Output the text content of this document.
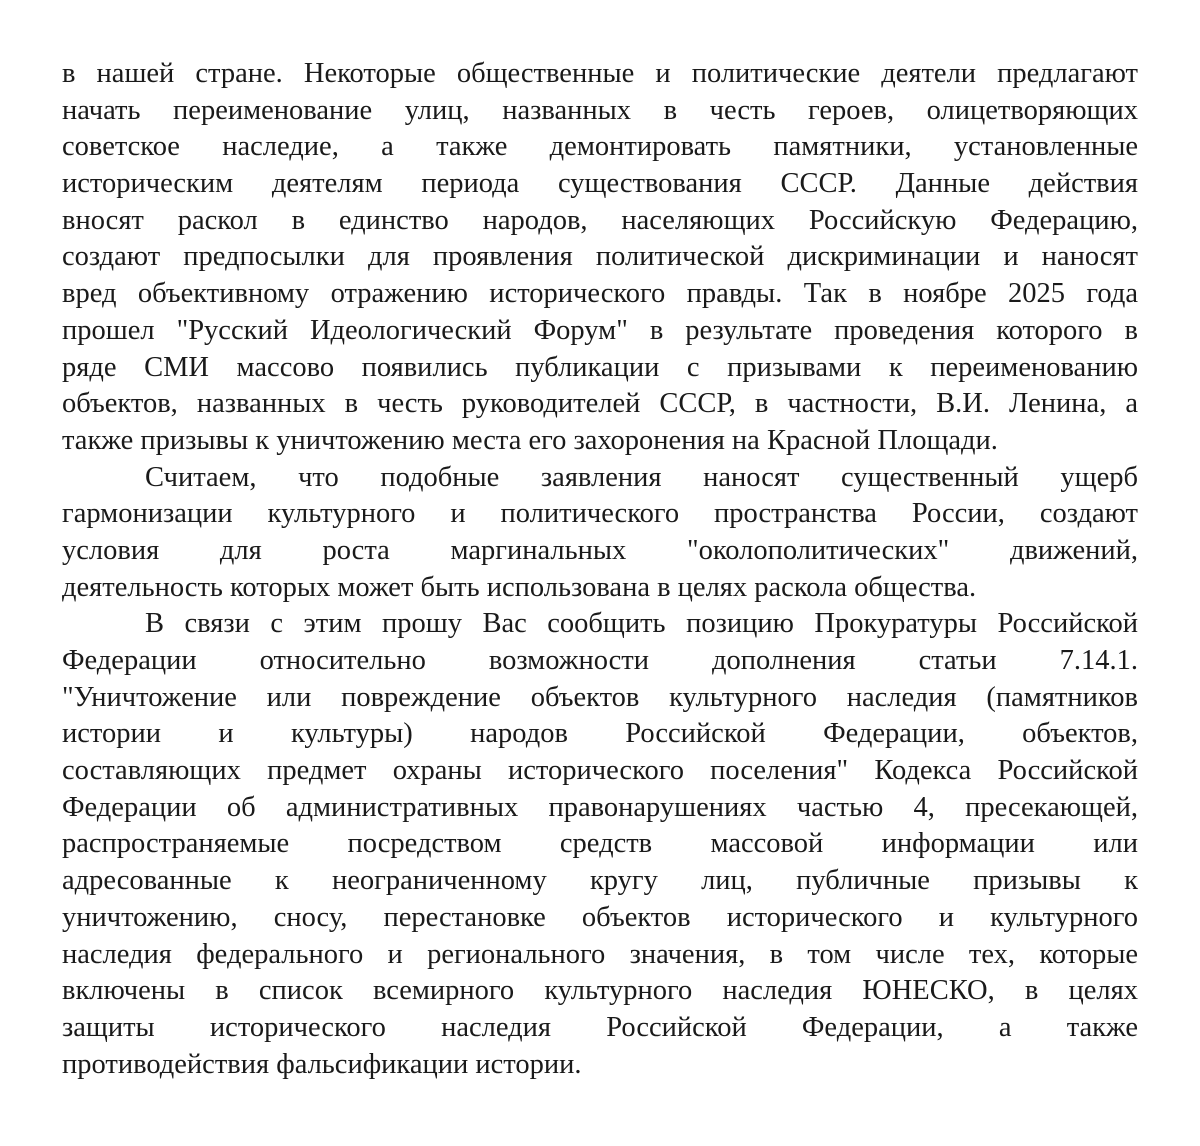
в нашей стране. Некоторые общественные и политические деятели предлагают
начать переименование улиц, названных в честь героев, олицетворяющих
советское наследие, а также демонтировать памятники, установленные
историческим деятелям периода существования СССР. Данные действия
вносят раскол в единство народов, населяющих Российскую Федерацию,
создают предпосылки для проявления политической дискриминации и наносят
вред объективному отражению исторического правды. Так в ноябре 2025 года
прошел "Русский Идеологический Форум" в результате проведения которого в
ряде СМИ массово появились публикации с призывами к переименованию
объектов, названных в честь руководителей СССР, в частности, В.И. Ленина, а
также призывы к уничтожению места его захоронения на Красной Площади.
Считаем, что подобные заявления наносят существенный ущерб
гармонизации культурного и политического пространства России, создают
условия для роста маргинальных "околополитических" движений,
деятельность которых может быть использована в целях раскола общества.
В связи с этим прошу Вас сообщить позицию Прокуратуры Российской
Федерации относительно возможности дополнения статьи 7.14.1.
"Уничтожение или повреждение объектов культурного наследия (памятников
истории и культуры) народов Российской Федерации, объектов,
составляющих предмет охраны исторического поселения" Кодекса Российской
Федерации об административных правонарушениях частью 4, пресекающей,
распространяемые посредством средств массовой информации или
адресованные к неограниченному кругу лиц, публичные призывы к
уничтожению, сносу, перестановке объектов исторического и культурного
наследия федерального и регионального значения, в том числе тех, которые
включены в список всемирного культурного наследия ЮНЕСКО, в целях
защиты исторического наследия Российской Федерации, а также
противодействия фальсификации истории.
